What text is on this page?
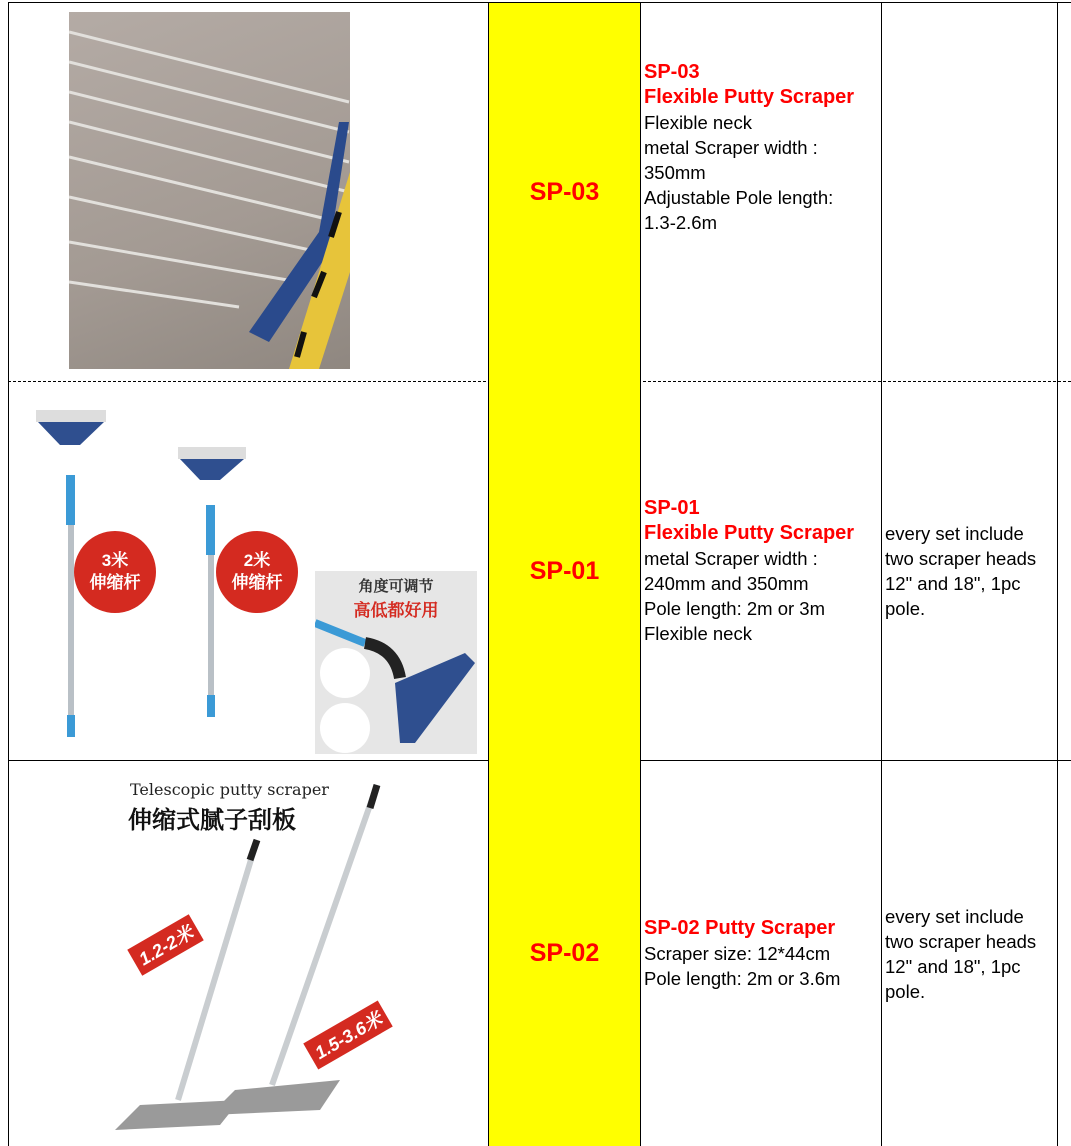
SP-03
SP-03
Flexible Putty Scraper
Flexible neck
metal Scraper width :
350mm
Adjustable Pole length:
1.3-2.6m
3米
伸缩杆
2米
伸缩杆	角度可调节
高低都好用
SP-01
SP-01
Flexible Putty Scraper
metal Scraper width :
240mm and 350mm
Pole length: 2m or 3m
Flexible neck
every set include
two scraper heads
12" and 18", 1pc
pole.
Telescopic putty scraper
伸缩式腻子刮板
1.2-2米
1.5-3.6米
SP-02
SP-02 Putty Scraper
Scraper size: 12*44cm
Pole length: 2m or 3.6m
every set include
two scraper heads
12" and 18", 1pc
pole.
